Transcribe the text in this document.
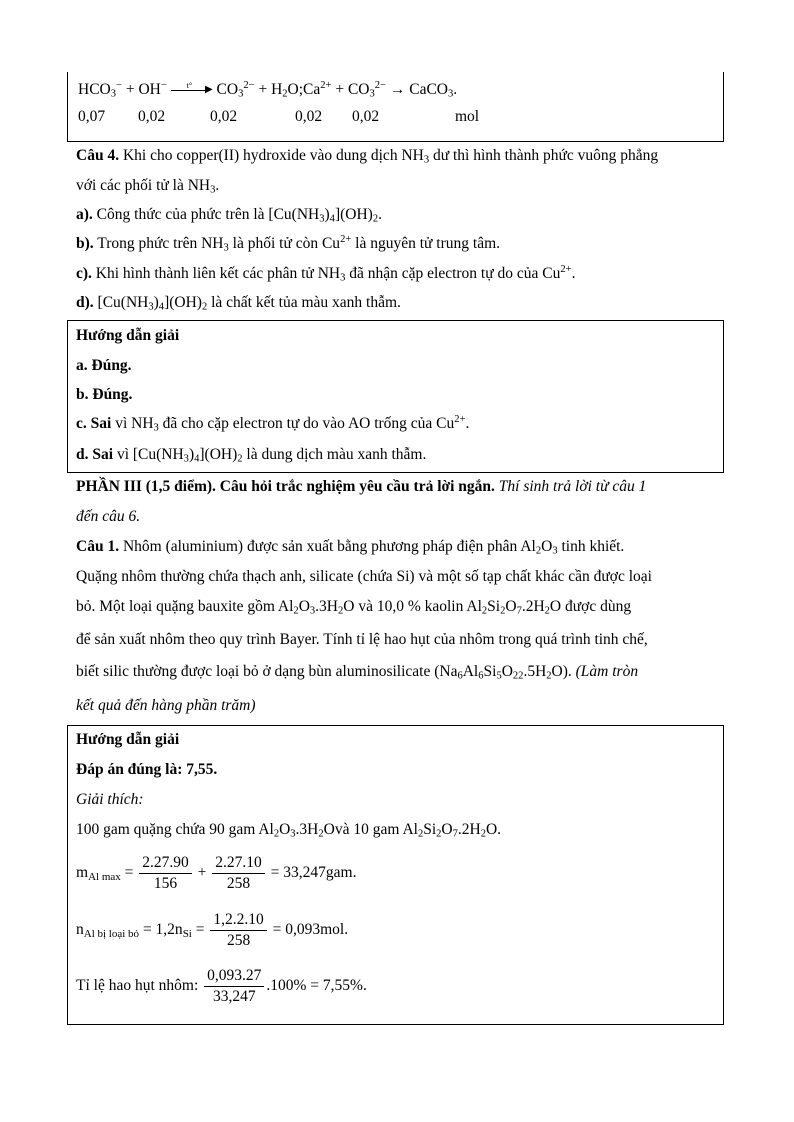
$HCO_3^- + OH^-$ t° ▶ $CO_3^{2-}$ + $H_2O;Ca^{2+} + CO_3^{2-}$ → CaCO$_3$.
0,07 0,02	0,02	0,02 0,02	mol
Câu 4. Khi cho copper(II) hydroxide vào dung dịch $NH_3$ dư thì hình thành phức vuông phẳng
với các phối tử là $NH_3$.
a). Công thức của phức trên là $[Cu(NH_3)_4](OH)_2$.
b). Trong phức trên $NH_3$ là phối tử còn $Cu^{2+}$ là nguyên tử trung tâm.
c). Khi hình thành liên kết các phân tử $NH_3$ đã nhận cặp electron tự do của $Cu^{2+}$.
d). $[Cu(NH_3)_4](OH)_2$ là chất kết tủa màu xanh thẫm.
Hướng dẫn giải
a. Đúng.
b. Đúng.
c. Sai vì $NH_3$ đã cho cặp electron tự do vào AO trống của $Cu^{2+}$.
d. Sai vì $[Cu(NH_3)_4](OH)_2$ là dung dịch màu xanh thẫm.
PHẦN III (1,5 điểm). Câu hỏi trắc nghiệm yêu cầu trả lời ngắn. Thí sinh trả lời từ câu 1
đến câu 6.
Câu 1. Nhôm (aluminium) được sản xuất bằng phương pháp điện phân $Al_2O_3$ tinh khiết.
Quặng nhôm thường chứa thạch anh, silicate (chứa Si) và một số tạp chất khác cần được loại
bỏ. Một loại quặng bauxite gồm $Al_2O_3.3H_2O$ và 10,0 % kaolin $Al_2Si_2O_7.2H_2O$ được dùng
để sản xuất nhôm theo quy trình Bayer. Tính tỉ lệ hao hụt của nhôm trong quá trình tinh chế,
biết silic thường được loại bỏ ở dạng bùn aluminosilicate $(Na_6Al_6Si_5O_{22}.5H_2O)$. (Làm tròn
kết quả đến hàng phần trăm)
Hướng dẫn giải
Đáp án đúng là: 7,55.
Giải thích:
100 gam quặng chứa 90 gam $Al_2O_3.3H_2Ovà$ 10 gam $Al_2Si_2O_7.2H_2O$.
$m_{Al max} = \frac{2.27.90}{156} + \frac{2.27.10}{258} = 33,247gam$.
$n_{Al bị loại bỏ} = 1,2n_{Si} = \frac{1,2.2.10}{258} = 0,093mol$.
Tỉ lệ hao hụt nhôm: $\frac{0,093.27}{33,247} .100\% = 7,55\%$.
